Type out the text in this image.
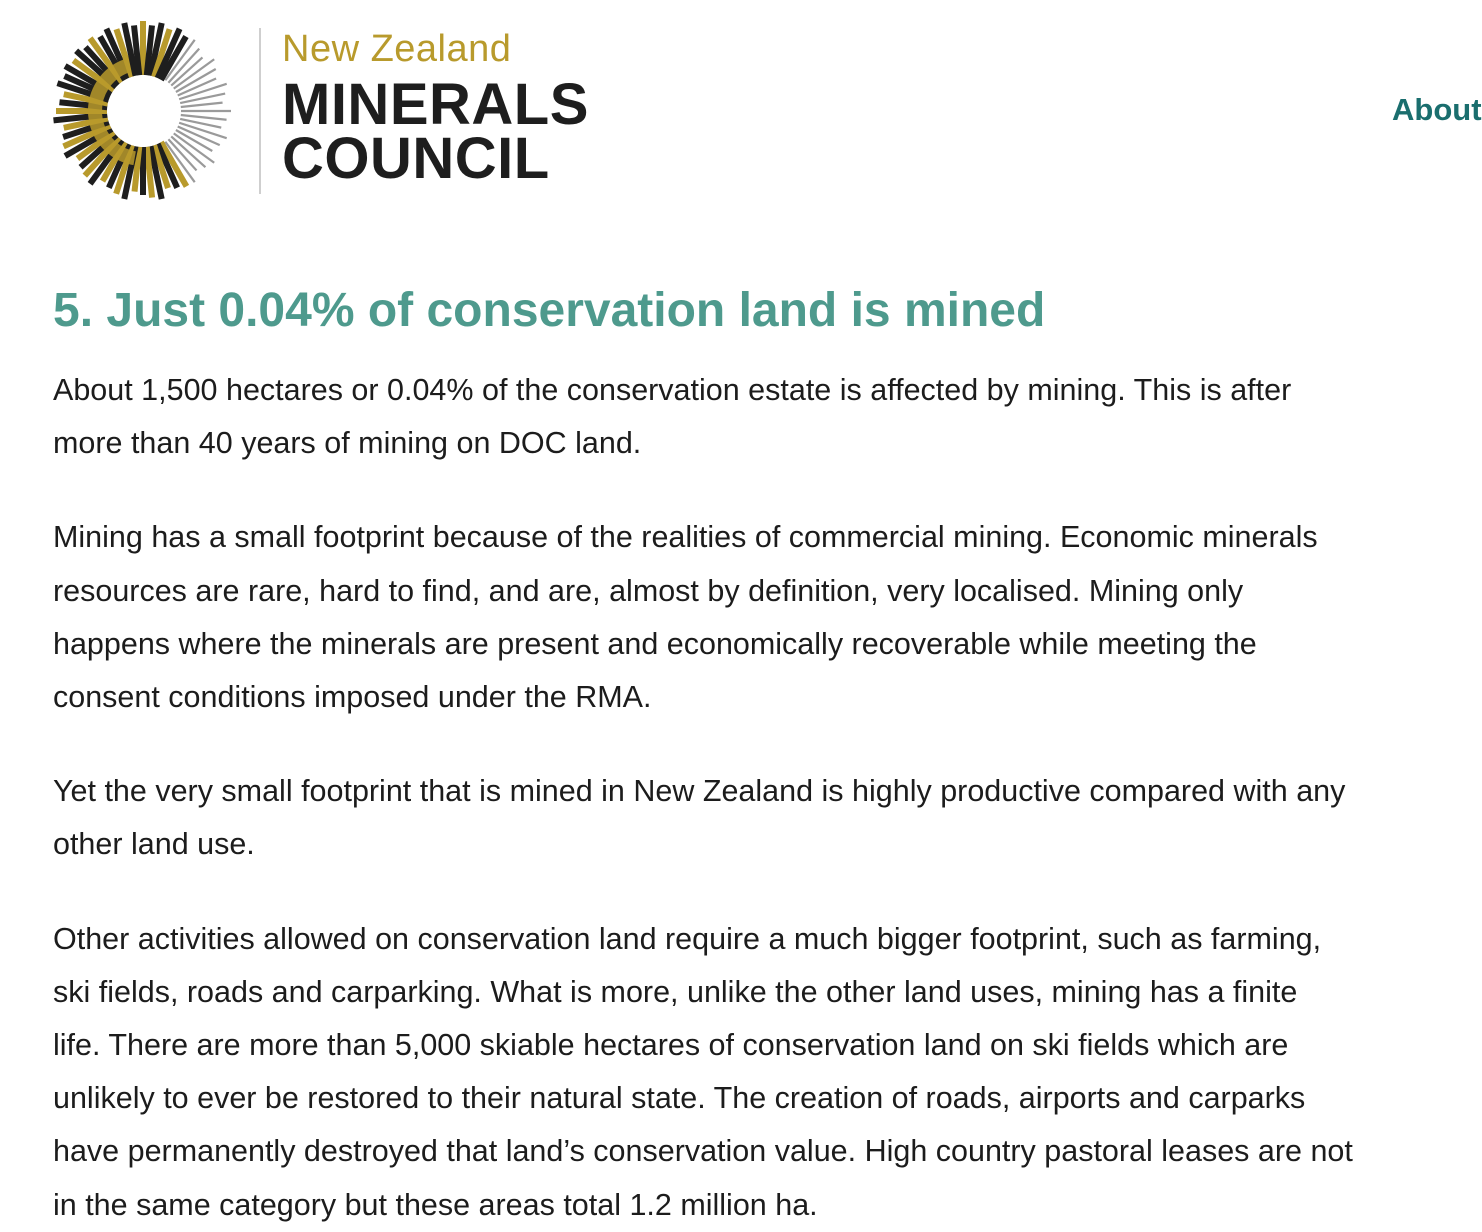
New Zealand
MINERALS
COUNCIL
About
5. Just 0.04% of conservation land is mined

About 1,500 hectares or 0.04% of the conservation estate is affected by mining. This is after more than 40 years of mining on DOC land.

Mining has a small footprint because of the realities of commercial mining. Economic minerals resources are rare, hard to find, and are, almost by definition, very localised. Mining only happens where the minerals are present and economically recoverable while meeting the consent conditions imposed under the RMA.

Yet the very small footprint that is mined in New Zealand is highly productive compared with any other land use.

Other activities allowed on conservation land require a much bigger footprint, such as farming, ski fields, roads and carparking. What is more, unlike the other land uses, mining has a finite life. There are more than 5,000 skiable hectares of conservation land on ski fields which are unlikely to ever be restored to their natural state. The creation of roads, airports and carparks have permanently destroyed that land’s conservation value. High country pastoral leases are not in the same category but these areas total 1.2 million ha.
